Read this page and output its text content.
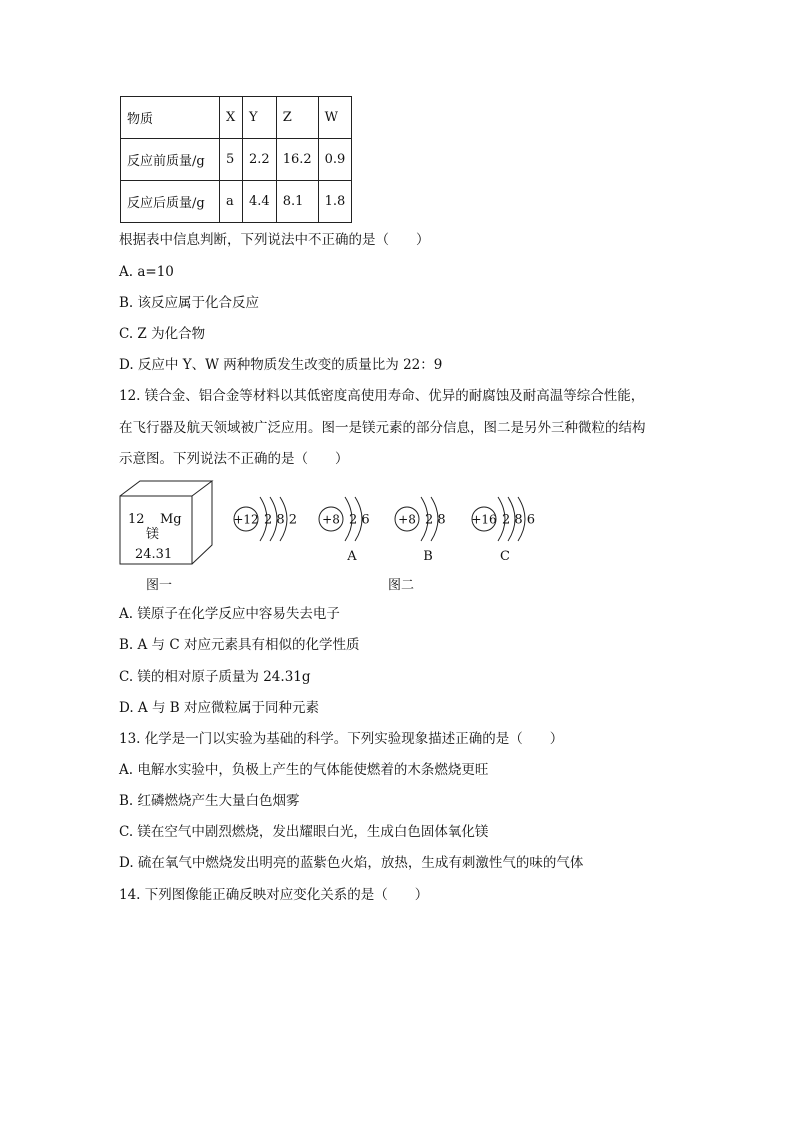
物质	X	Y	Z	W
反应前质量/g	5	2.2	16.2	0.9
反应后质量/g	a	4.4	8.1	1.8
根据表中信息判断，下列说法中不正确的是（　　）
A. a=10
B. 该反应属于化合反应
C. Z 为化合物
D. 反应中 Y、W 两种物质发生改变的质量比为 22：9
12. 镁合金、铝合金等材料以其低密度高使用寿命、优异的耐腐蚀及耐高温等综合性能，
在飞行器及航天领域被广泛应用。图一是镁元素的部分信息，图二是另外三种微粒的结构
示意图。下列说法不正确的是（　　）
12 Mg
镁
24.31
图一
+12 2 8 2 +8 2 6
A
+8 2 8
B
+16 2 8 6
C
图二
A. 镁原子在化学反应中容易失去电子
B. A 与 C 对应元素具有相似的化学性质
C. 镁的相对原子质量为 24.31g
D. A 与 B 对应微粒属于同种元素
13. 化学是一门以实验为基础的科学。下列实验现象描述正确的是（　　）
A. 电解水实验中，负极上产生的气体能使燃着的木条燃烧更旺
B. 红磷燃烧产生大量白色烟雾
C. 镁在空气中剧烈燃烧，发出耀眼白光，生成白色固体氧化镁
D. 硫在氧气中燃烧发出明亮的蓝紫色火焰，放热，生成有刺激性气的味的气体
14. 下列图像能正确反映对应变化关系的是（　　）
